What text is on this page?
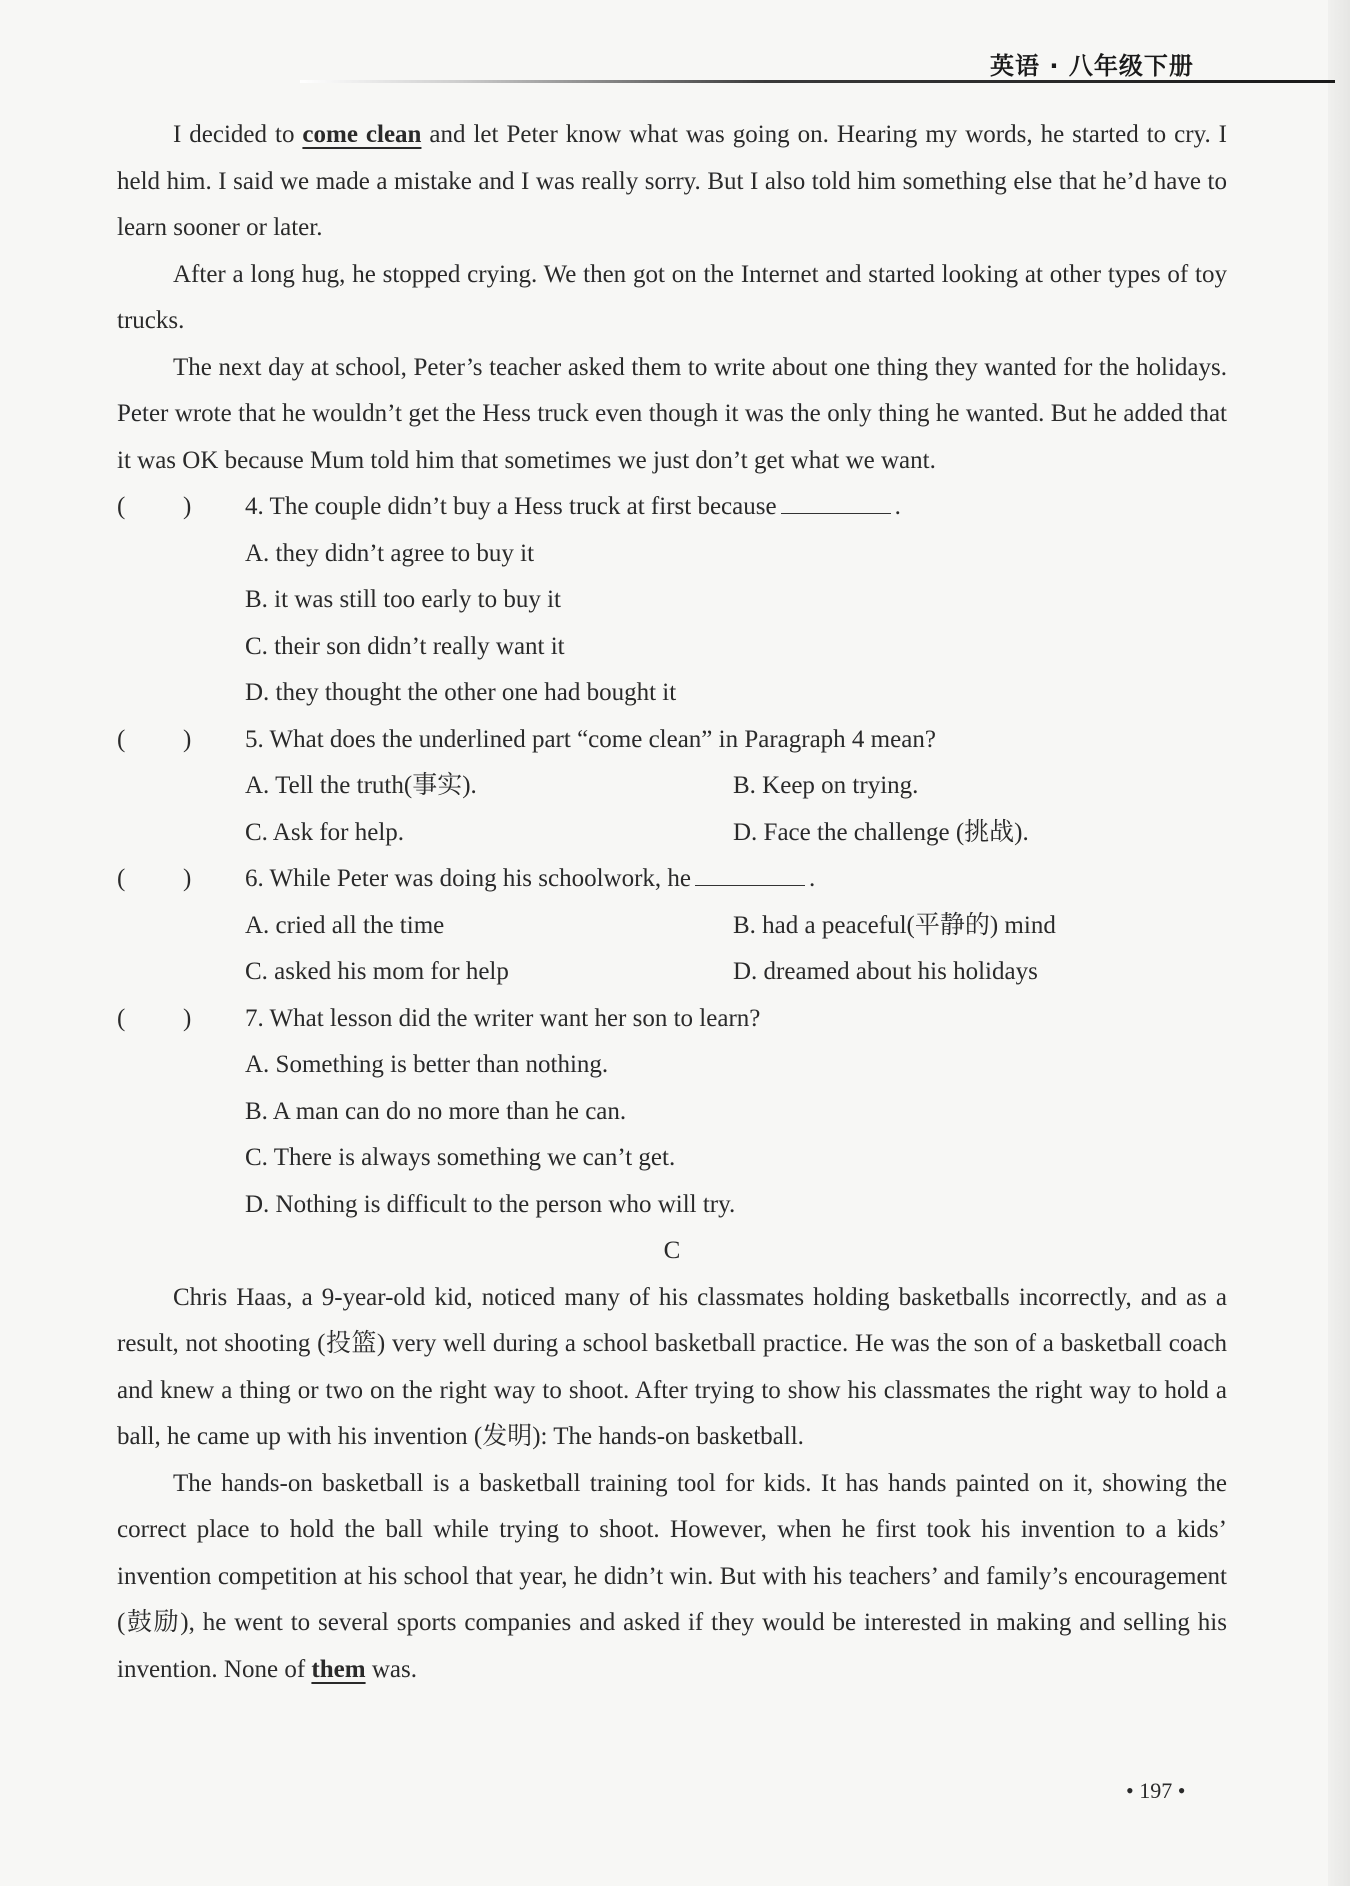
英语 · 八年级下册

I decided to come clean and let Peter know what was going on. Hearing my words, he started to cry. I held him. I said we made a mistake and I was really sorry. But I also told him something else that he’d have to learn sooner or later.

After a long hug, he stopped crying. We then got on the Internet and started looking at other types of toy trucks.

The next day at school, Peter’s teacher asked them to write about one thing they wanted for the holidays. Peter wrote that he wouldn’t get the Hess truck even though it was the only thing he wanted. But he added that it was OK because Mum told him that sometimes we just don’t get what we want.

( )
4. The couple didn’t buy a Hess truck at first because	.
A. they didn’t agree to buy it
B. it was still too early to buy it
C. their son didn’t really want it
D. they thought the other one had bought it
( )
5. What does the underlined part “come clean” in Paragraph 4 mean?
A. Tell the truth(事实).	B. Keep on trying.
C. Ask for help.	D. Face the challenge (挑战).
( )
6. While Peter was doing his schoolwork, he	.
A. cried all the time	B. had a peaceful(平静的) mind
C. asked his mom for help	D. dreamed about his holidays
( )
7. What lesson did the writer want her son to learn?
A. Something is better than nothing.
B. A man can do no more than he can.
C. There is always something we can’t get.
D. Nothing is difficult to the person who will try.
C

Chris Haas, a 9-year-old kid, noticed many of his classmates holding basketballs incorrectly, and as a result, not shooting (投篮) very well during a school basketball practice. He was the son of a basketball coach and knew a thing or two on the right way to shoot. After trying to show his classmates the right way to hold a ball, he came up with his invention (发明): The hands-on basketball.

The hands-on basketball is a basketball training tool for kids. It has hands painted on it, showing the correct place to hold the ball while trying to shoot. However, when he first took his invention to a kids’ invention competition at his school that year, he didn’t win. But with his teachers’ and family’s encouragement (鼓励), he went to several sports companies and asked if they would be interested in making and selling his invention. None of them was.

• 197 •
